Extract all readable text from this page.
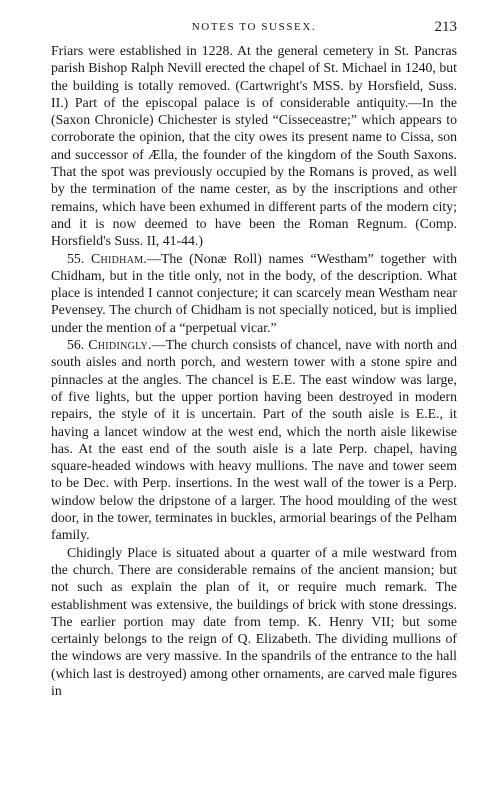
NOTES TO SUSSEX.	213

Friars were established in 1228. At the general cemetery in St. Pancras parish Bishop Ralph Nevill erected the chapel of St. Michael in 1240, but the building is totally removed. (Cartwright's MSS. by Horsfield, Suss. II.) Part of the episcopal palace is of considerable antiquity.—In the (Saxon Chronicle) Chichester is styled “Cisseceastre;” which appears to corroborate the opinion, that the city owes its present name to Cissa, son and successor of Ælla, the founder of the kingdom of the South Saxons. That the spot was previously occupied by the Romans is proved, as well by the termination of the name cester, as by the inscriptions and other remains, which have been exhumed in different parts of the modern city; and it is now deemed to have been the Roman Regnum. (Comp. Horsfield's Suss. II, 41-44.)

55. Chidham.—The (Nonæ Roll) names “Westham” together with Chidham, but in the title only, not in the body, of the description. What place is intended I cannot conjecture; it can scarcely mean Westham near Pevensey. The church of Chidham is not specially noticed, but is implied under the mention of a “perpetual vicar.”

56. Chidingly.—The church consists of chancel, nave with north and south aisles and north porch, and western tower with a stone spire and pinnacles at the angles. The chancel is E.E. The east window was large, of five lights, but the upper portion having been destroyed in modern repairs, the style of it is uncertain. Part of the south aisle is E.E., it having a lancet window at the west end, which the north aisle likewise has. At the east end of the south aisle is a late Perp. chapel, having square-headed windows with heavy mullions. The nave and tower seem to be Dec. with Perp. insertions. In the west wall of the tower is a Perp. window below the dripstone of a larger. The hood moulding of the west door, in the tower, terminates in buckles, armorial bearings of the Pelham family.

Chidingly Place is situated about a quarter of a mile westward from the church. There are considerable remains of the ancient mansion; but not such as explain the plan of it, or require much remark. The establishment was extensive, the buildings of brick with stone dressings. The earlier portion may date from temp. K. Henry VII; but some certainly belongs to the reign of Q. Elizabeth. The dividing mullions of the windows are very massive. In the spandrils of the entrance to the hall (which last is destroyed) among other ornaments, are carved male figures in
